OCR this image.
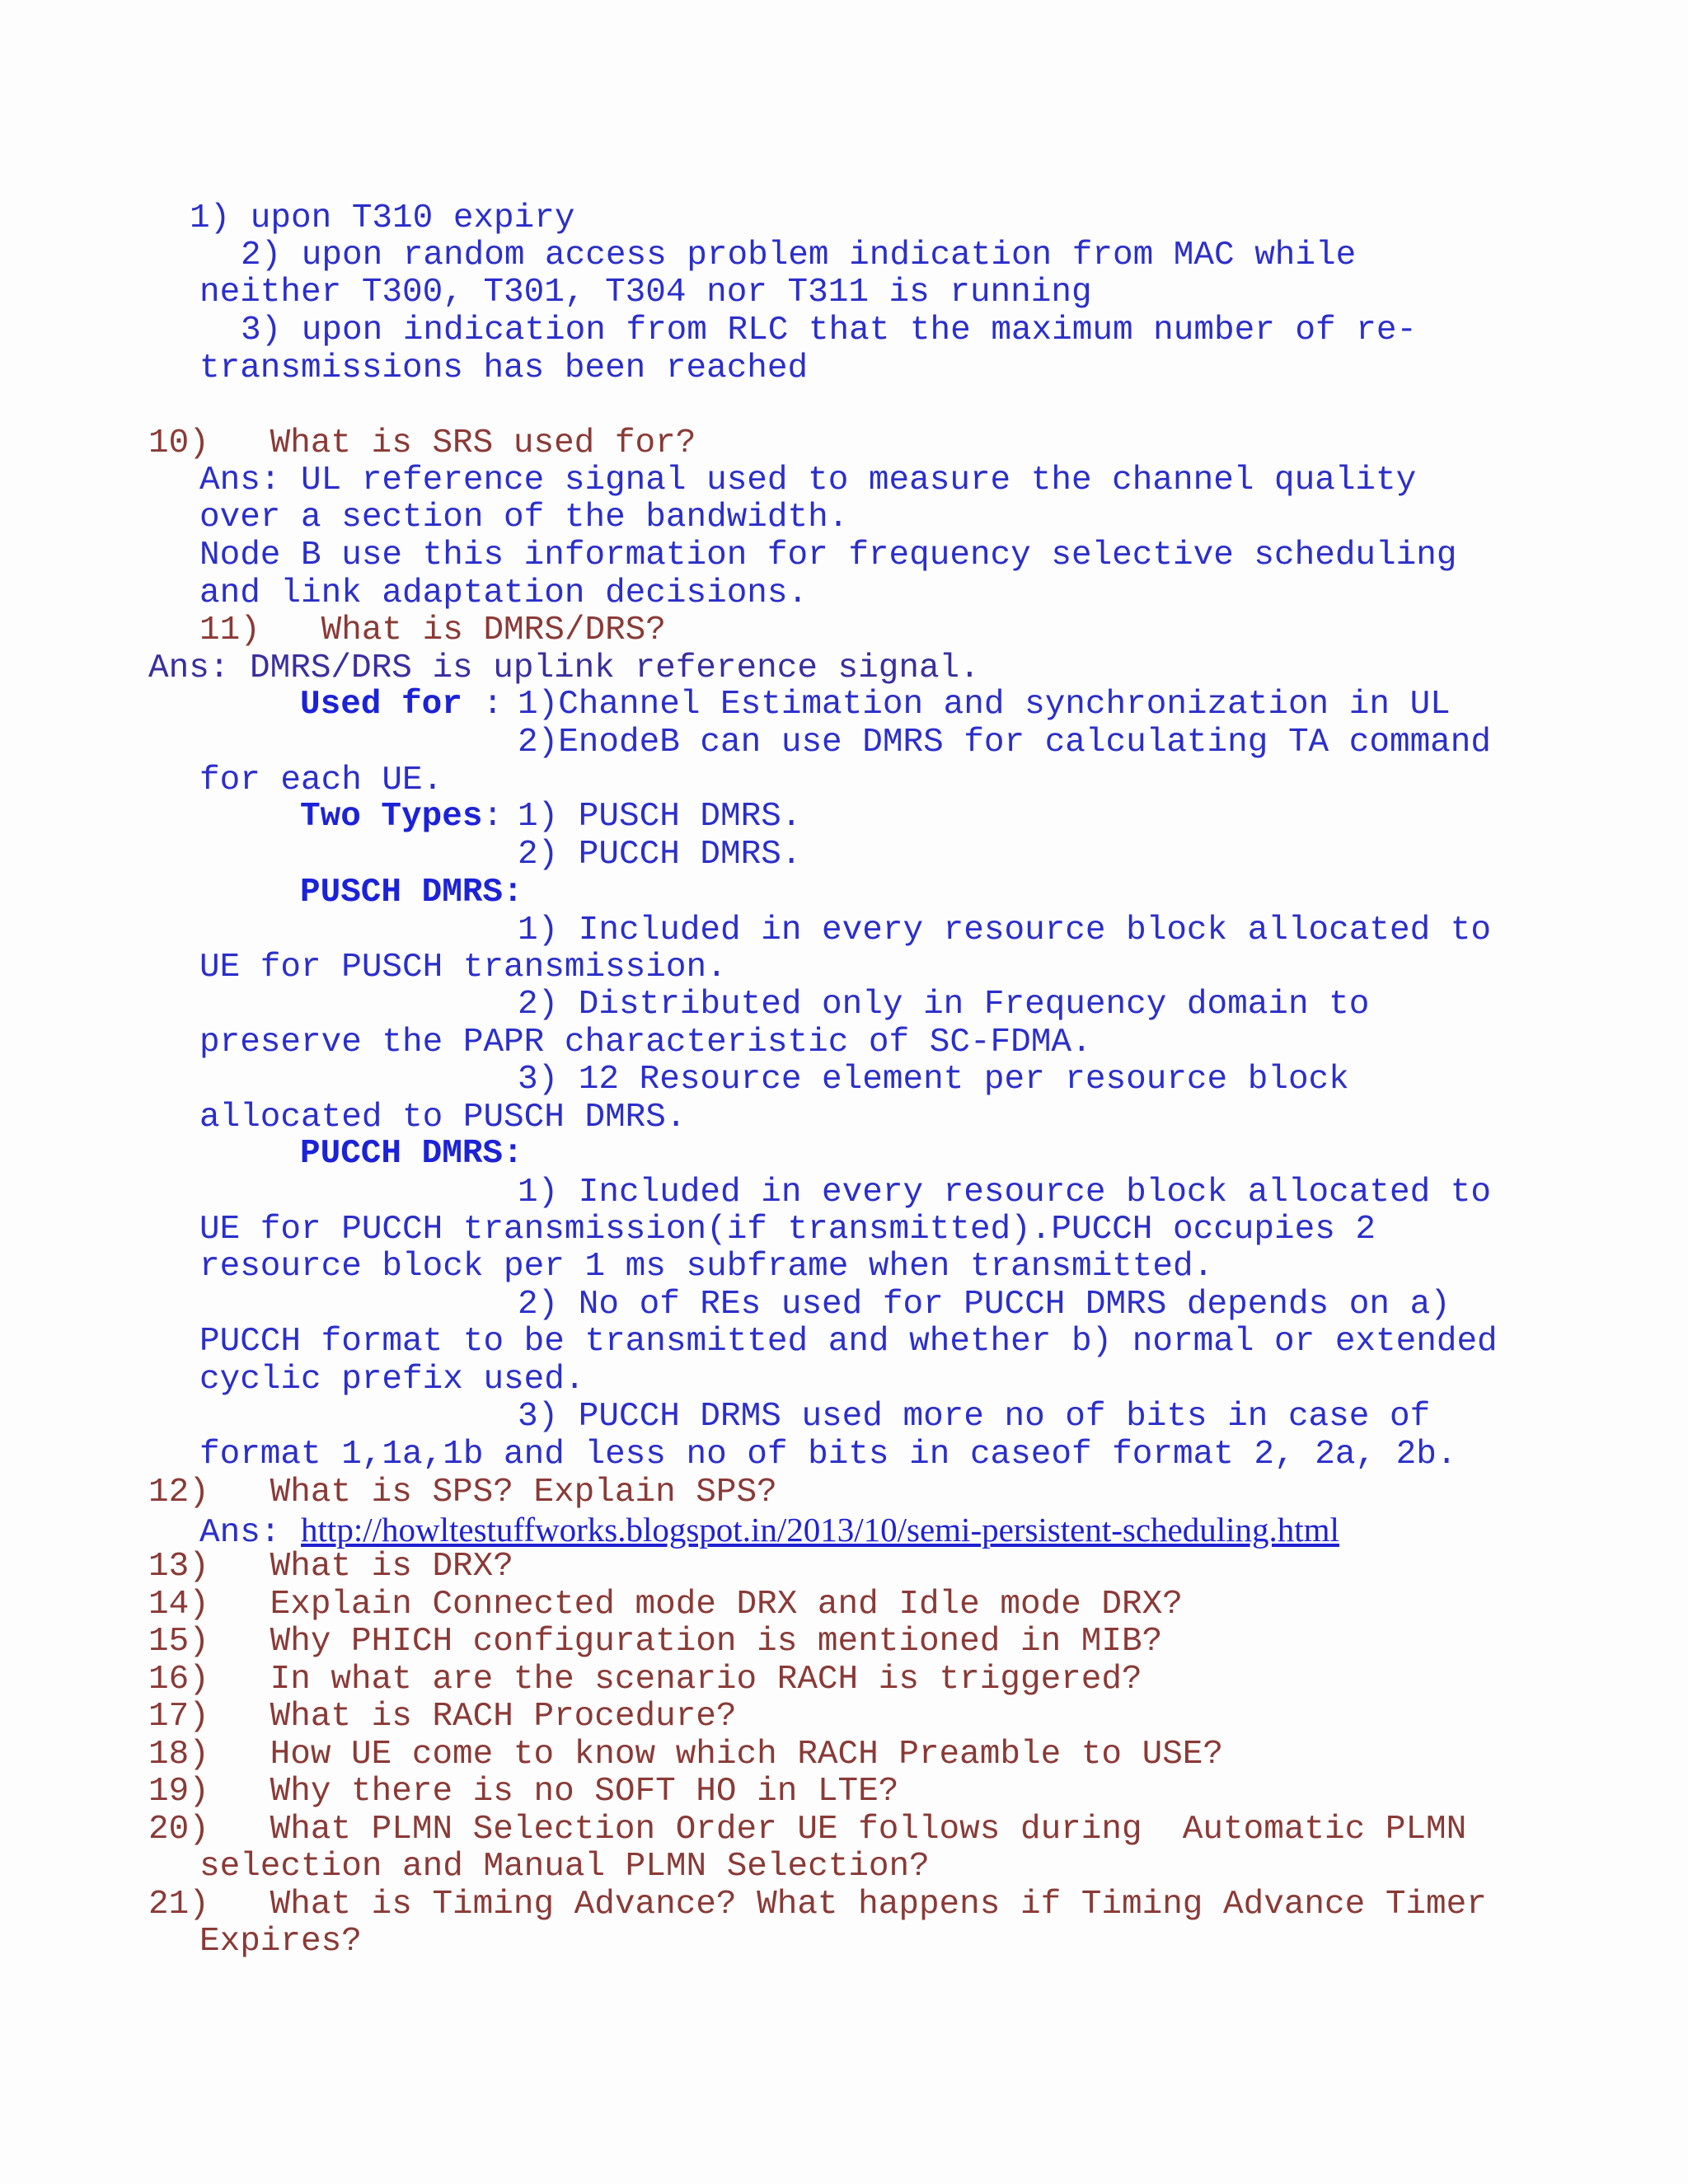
1) upon T310 expiry
2) upon random access problem indication from MAC while
neither T300, T301, T304 nor T311 is running
3) upon indication from RLC that the maximum number of re-
transmissions has been reached
10)   What is SRS used for?
Ans: UL reference signal used to measure the channel quality
over a section of the bandwidth.
Node B use this information for frequency selective scheduling
and link adaptation decisions.
11)   What is DMRS/DRS?
Ans: DMRS/DRS is uplink reference signal.
Used for :
1)Channel Estimation and synchronization in UL
2)EnodeB can use DMRS for calculating TA command
for each UE.
Two Types:
1) PUSCH DMRS.
2) PUCCH DMRS.
PUSCH DMRS:
1) Included in every resource block allocated to
UE for PUSCH transmission.
2) Distributed only in Frequency domain to
preserve the PAPR characteristic of SC-FDMA.
3) 12 Resource element per resource block
allocated to PUSCH DMRS.
PUCCH DMRS:
1) Included in every resource block allocated to
UE for PUCCH transmission(if transmitted).PUCCH occupies 2
resource block per 1 ms subframe when transmitted.
2) No of REs used for PUCCH DMRS depends on a)
PUCCH format to be transmitted and whether b) normal or extended
cyclic prefix used.
3) PUCCH DRMS used more no of bits in case of
format 1,1a,1b and less no of bits in caseof format 2, 2a, 2b.
12)   What is SPS? Explain SPS?
Ans: http://howltestuffworks.blogspot.in/2013/10/semi-persistent-scheduling.html
13)   What is DRX?
14)   Explain Connected mode DRX and Idle mode DRX?
15)   Why PHICH configuration is mentioned in MIB?
16)   In what are the scenario RACH is triggered?
17)   What is RACH Procedure?
18)   How UE come to know which RACH Preamble to USE?
19)   Why there is no SOFT HO in LTE?
20)   What PLMN Selection Order UE follows during  Automatic PLMN
selection and Manual PLMN Selection?
21)   What is Timing Advance? What happens if Timing Advance Timer
Expires?
